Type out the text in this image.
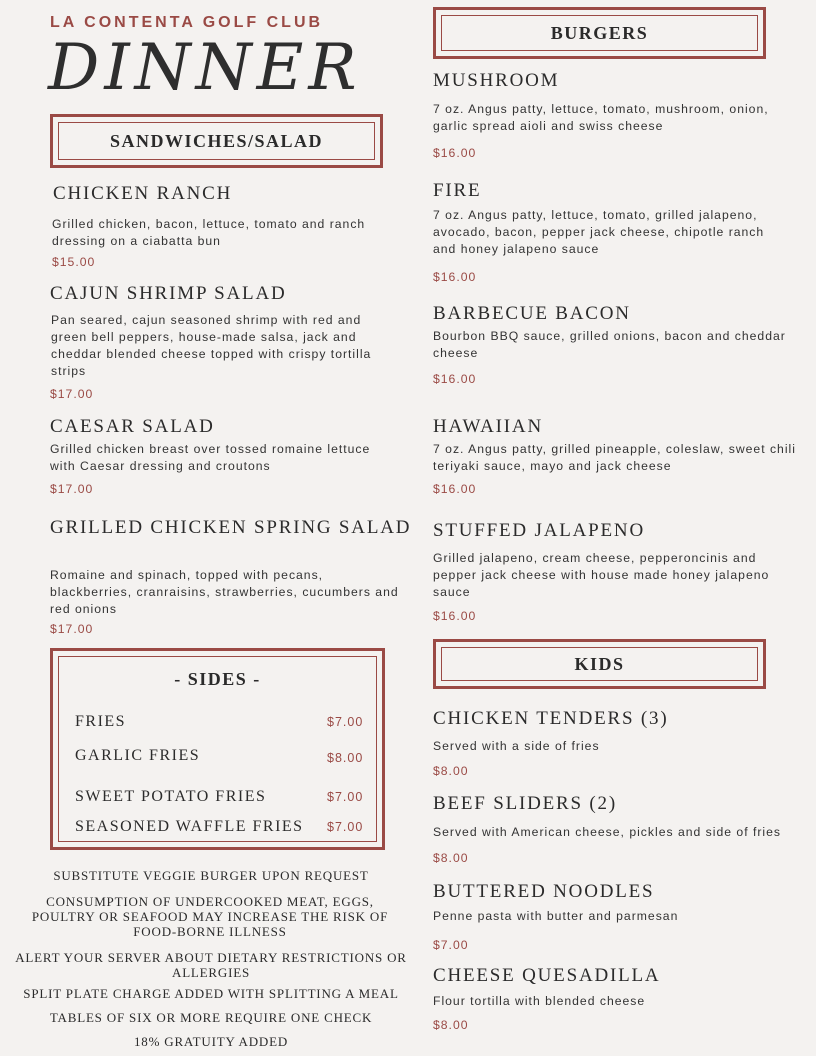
LA CONTENTA GOLF CLUB
DINNER
SANDWICHES/SALAD
CHICKEN RANCH
Grilled chicken, bacon, lettuce, tomato and ranch dressing on a ciabatta bun
$15.00
CAJUN SHRIMP SALAD
Pan seared, cajun seasoned shrimp with red and green bell peppers, house-made salsa, jack and cheddar blended cheese topped with crispy tortilla strips
$17.00
CAESAR SALAD
Grilled chicken breast over tossed romaine lettuce with Caesar dressing and croutons
$17.00
GRILLED CHICKEN SPRING SALAD
Romaine and spinach, topped with pecans, blackberries, cranraisins, strawberries, cucumbers and red onions
$17.00
- SIDES -
FRIES	$7.00
GARLIC FRIES	$8.00
SWEET POTATO FRIES	$7.00
SEASONED WAFFLE FRIES $7.00
SUBSTITUTE VEGGIE BURGER UPON REQUEST
CONSUMPTION OF UNDERCOOKED MEAT, EGGS, POULTRY OR SEAFOOD MAY INCREASE THE RISK OF FOOD-BORNE ILLNESS
ALERT YOUR SERVER ABOUT DIETARY RESTRICTIONS OR ALLERGIES
SPLIT PLATE CHARGE ADDED WITH SPLITTING A MEAL
TABLES OF SIX OR MORE REQUIRE ONE CHECK
18% GRATUITY ADDED
BURGERS
MUSHROOM
7 oz. Angus patty, lettuce, tomato, mushroom, onion, garlic spread aioli and swiss cheese
$16.00
FIRE
7 oz. Angus patty, lettuce, tomato, grilled jalapeno, avocado, bacon, pepper jack cheese, chipotle ranch and honey jalapeno sauce
$16.00
BARBECUE BACON
Bourbon BBQ sauce, grilled onions, bacon and cheddar cheese
$16.00
HAWAIIAN
7 oz. Angus patty, grilled pineapple, coleslaw, sweet chili teriyaki sauce, mayo and jack cheese
$16.00
STUFFED JALAPENO
Grilled jalapeno, cream cheese, pepperoncinis and pepper jack cheese with house made honey jalapeno sauce
$16.00
KIDS
CHICKEN TENDERS (3)
Served with a side of fries
$8.00
BEEF SLIDERS (2)
Served with American cheese, pickles and side of fries
$8.00
BUTTERED NOODLES
Penne pasta with butter and parmesan
$7.00
CHEESE QUESADILLA
Flour tortilla with blended cheese
$8.00
